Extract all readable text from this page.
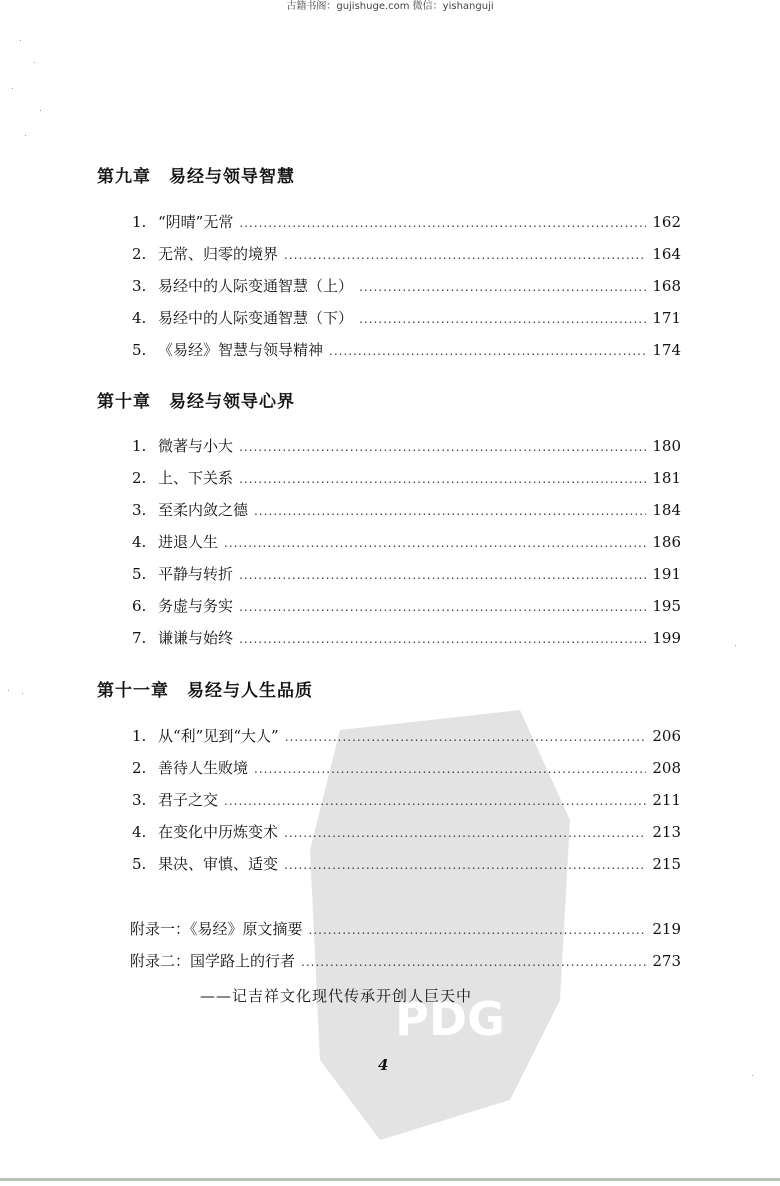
古籍书阁：gujishuge.com 微信：yishanguji
PDG
第九章　易经与领导智慧
1. “阴晴”无常 .....	162
2. 无常、归零的境界 .....	164
3. 易经中的人际变通智慧（上） .....	168
4. 易经中的人际变通智慧（下） .....	171
5. 《易经》智慧与领导精神 .....	174
第十章　易经与领导心界
1. 微著与小大 .....	180
2. 上、下关系 .....	181
3. 至柔内敛之德 .....	184
4. 进退人生 .....	186
5. 平静与转折 .....	191
6. 务虚与务实 .....	195
7. 谦谦与始终 .....	199
第十一章　易经与人生品质
1. 从“利”见到“大人” .....	206
2. 善待人生败境 .....	208
3. 君子之交 .....	211
4. 在变化中历炼变术 .....	213
5. 果决、审慎、适变 .....	215
附录一：《易经》原文摘要 .....	219
附录二：国学路上的行者 .....	273
——记吉祥文化现代传承开创人巨天中
4
